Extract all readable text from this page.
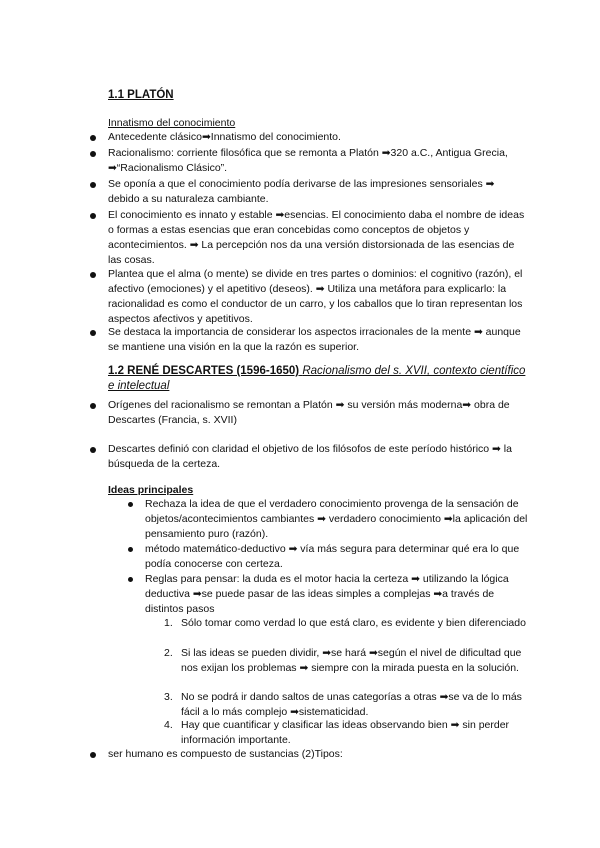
1.1 PLATÓN
Innatismo del conocimiento
Antecedente clásico➡Innatismo del conocimiento.
Racionalismo: corriente filosófica que se remonta a Platón ➡320 a.C., Antigua Grecia, ➡“Racionalismo Clásico”.
Se oponía a que el conocimiento podía derivarse de las impresiones sensoriales ➡ debido a su naturaleza cambiante.
El conocimiento es innato y estable ➡esencias. El conocimiento daba el nombre de ideas o formas a estas esencias que eran concebidas como conceptos de objetos y acontecimientos. ➡ La percepción nos da una versión distorsionada de las esencias de las cosas.
Plantea que el alma (o mente) se divide en tres partes o dominios: el cognitivo (razón), el afectivo (emociones) y el apetitivo (deseos). ➡ Utiliza una metáfora para explicarlo: la racionalidad es como el conductor de un carro, y los caballos que lo tiran representan los aspectos afectivos y apetitivos.
Se destaca la importancia de considerar los aspectos irracionales de la mente ➡ aunque se mantiene una visión en la que la razón es superior.
1.2 RENÉ DESCARTES (1596-1650) Racionalismo del s. XVII, contexto científico e intelectual
Orígenes del racionalismo se remontan a Platón ➡ su versión más moderna➡ obra de Descartes (Francia, s. XVII)
Descartes definió con claridad el objetivo de los filósofos de este período histórico ➡ la búsqueda de la certeza.
Ideas principales
Rechaza la idea de que el verdadero conocimiento provenga de la sensación de objetos/acontecimientos cambiantes ➡ verdadero conocimiento ➡la aplicación del pensamiento puro (razón).
método matemático-deductivo ➡ vía más segura para determinar qué era lo que podía conocerse con certeza.
Reglas para pensar: la duda es el motor hacia la certeza ➡ utilizando la lógica deductiva ➡se puede pasar de las ideas simples a complejas ➡a través de distintos pasos
1. Sólo tomar como verdad lo que está claro, es evidente y bien diferenciado
2. Si las ideas se pueden dividir, ➡se hará ➡según el nivel de dificultad que nos exijan los problemas ➡ siempre con la mirada puesta en la solución.
3. No se podrá ir dando saltos de unas categorías a otras ➡se va de lo más fácil a lo más complejo ➡sistematicidad.
4. Hay que cuantificar y clasificar las ideas observando bien ➡ sin perder información importante.
ser humano es compuesto de sustancias (2)Tipos:
